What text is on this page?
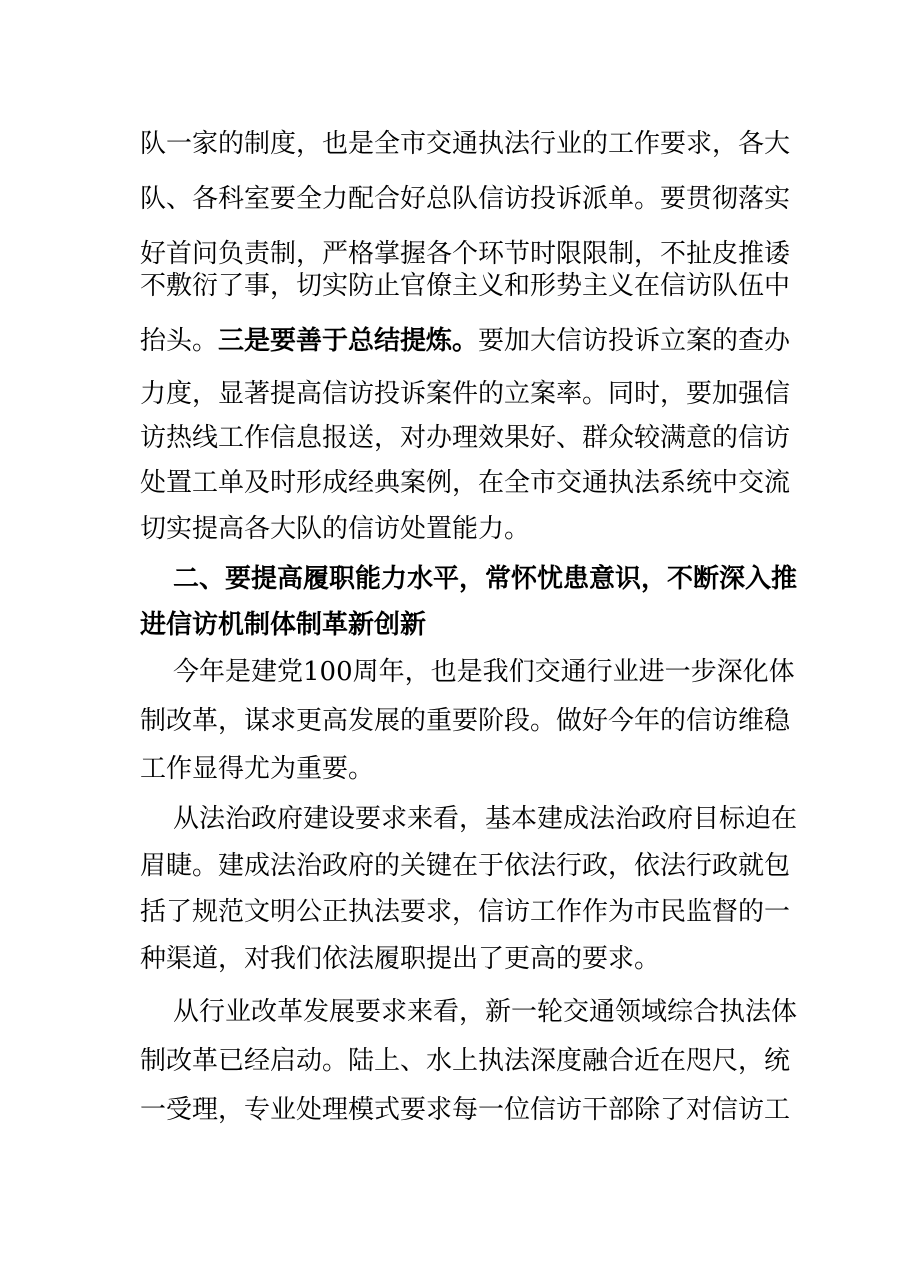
队一家的制度，也是全市交通执法行业的工作要求，各大
队、各科室要全力配合好总队信访投诉派单。要贯彻落实
好首问负责制，严格掌握各个环节时限限制，不扯皮推诿
不敷衍了事，切实防止官僚主义和形势主义在信访队伍中
抬头。三是要善于总结提炼。要加大信访投诉立案的查办
力度，显著提高信访投诉案件的立案率。同时，要加强信
访热线工作信息报送，对办理效果好、群众较满意的信访
处置工单及时形成经典案例，在全市交通执法系统中交流
切实提高各大队的信访处置能力。
二、要提高履职能力水平，常怀忧患意识，不断深入推
进信访机制体制革新创新
今年是建党100周年，也是我们交通行业进一步深化体
制改革，谋求更高发展的重要阶段。做好今年的信访维稳
工作显得尤为重要。
从法治政府建设要求来看，基本建成法治政府目标迫在
眉睫。建成法治政府的关键在于依法行政，依法行政就包
括了规范文明公正执法要求，信访工作作为市民监督的一
种渠道，对我们依法履职提出了更高的要求。
从行业改革发展要求来看，新一轮交通领域综合执法体
制改革已经启动。陆上、水上执法深度融合近在咫尺，统
一受理，专业处理模式要求每一位信访干部除了对信访工
